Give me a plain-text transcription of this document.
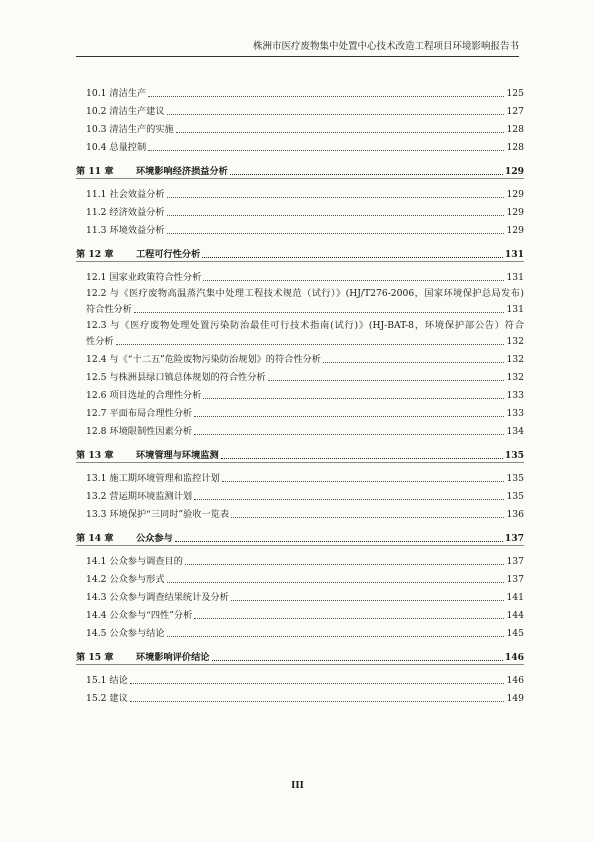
株洲市医疗废物集中处置中心技术改造工程项目环境影响报告书
10.1 清洁生产	125
10.2 清洁生产建议	127
10.3 清洁生产的实施	128
10.4 总量控制	128
第 11 章 环境影响经济损益分析	129
11.1 社会效益分析	129
11.2 经济效益分析	129
11.3 环境效益分析	129
第 12 章 工程可行性分析	131
12.1 国家业政策符合性分析	131
12.2 与《医疗废物高温蒸汽集中处理工程技术规范（试行）》(HJ/T276-2006，国家环境保护总局发布)
符合性分析	131
12.3 与《医疗废物处理处置污染防治最佳可行技术指南(试行)》(HJ-BAT-8，环境保护部公告）符合
性分析	132
12.4 与《“十二五”危险废物污染防治规划》的符合性分析	132
12.5 与株洲县绿口镇总体规划的符合性分析	132
12.6 项目选址的合理性分析	133
12.7 平面布局合理性分析	133
12.8 环境限制性因素分析	134
第 13 章 环境管理与环境监测	135
13.1 施工期环境管理和监控计划	135
13.2 营运期环境监测计划	135
13.3 环境保护“三同时”验收一览表	136
第 14 章 公众参与	137
14.1 公众参与调查目的	137
14.2 公众参与形式	137
14.3 公众参与调查结果统计及分析	141
14.4 公众参与“四性”分析	144
14.5 公众参与结论	145
第 15 章 环境影响评价结论	146
15.1 结论	146
15.2 建议	149
III
